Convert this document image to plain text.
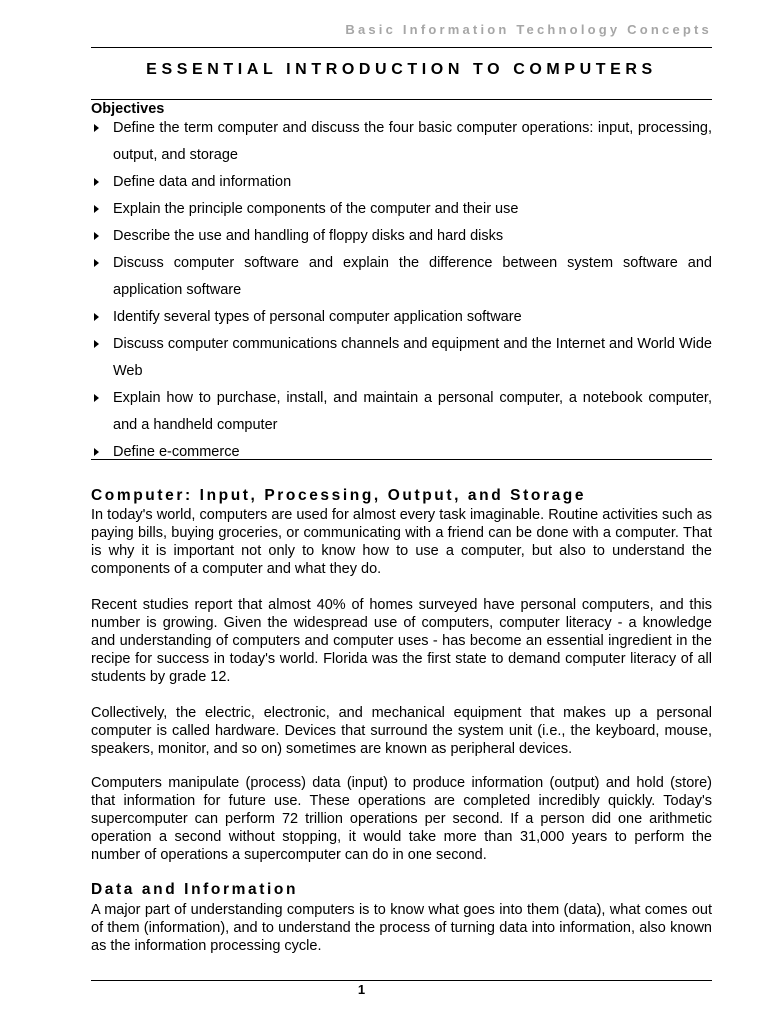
Basic Information Technology Concepts
ESSENTIAL INTRODUCTION TO COMPUTERS
Objectives
Define the term computer and discuss the four basic computer operations: input, processing, output, and storage
Define data and information
Explain the principle components of the computer and their use
Describe the use and handling of floppy disks and hard disks
Discuss computer software and explain the difference between system software and application software
Identify several types of personal computer application software
Discuss computer communications channels and equipment and the Internet and World Wide Web
Explain how to purchase, install, and maintain a personal computer, a notebook computer, and a handheld computer
Define e-commerce
Computer: Input, Processing, Output, and Storage

In today's world, computers are used for almost every task imaginable. Routine activities such as paying bills, buying groceries, or communicating with a friend can be done with a computer. That is why it is important not only to know how to use a computer, but also to understand the components of a computer and what they do.

Recent studies report that almost 40% of homes surveyed have personal computers, and this number is growing. Given the widespread use of computers, computer literacy - a knowledge and understanding of computers and computer uses - has become an essential ingredient in the recipe for success in today's world. Florida was the first state to demand computer literacy of all students by grade 12.

Collectively, the electric, electronic, and mechanical equipment that makes up a personal computer is called hardware. Devices that surround the system unit (i.e., the keyboard, mouse, speakers, monitor, and so on) sometimes are known as peripheral devices.

Computers manipulate (process) data (input) to produce information (output) and hold (store) that information for future use. These operations are completed incredibly quickly. Today's supercomputer can perform 72 trillion operations per second. If a person did one arithmetic operation a second without stopping, it would take more than 31,000 years to perform the number of operations a supercomputer can do in one second.

Data and Information

A major part of understanding computers is to know what goes into them (data), what comes out of them (information), and to understand the process of turning data into information, also known as the information processing cycle.

1
